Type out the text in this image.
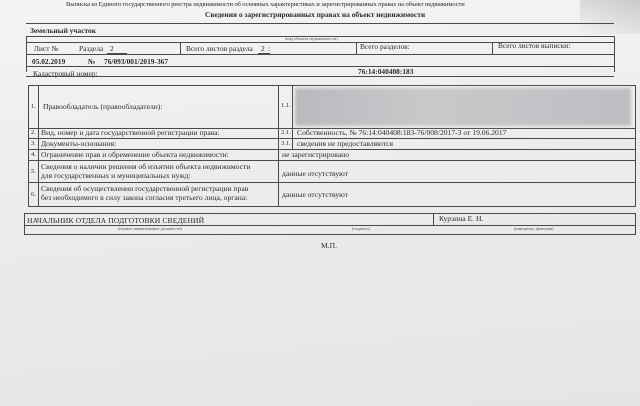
Выписка из Единого государственного реестра недвижимости об основных характеристиках и зарегистрированных правах на объект недвижимости
Сведения о зарегистрированных правах на объект недвижимости
Земельный участок
(вид объекта недвижимости)
Лист №	Раздела 2	Всего листов раздела 2 :	Всего разделов:	Всего листов выписки:
05.02.2019	№ 76/093/001/2019-367
Кадастровый номер:	76:14:040408:183
1. Правообладатель (правообладатели):	1.1.
2. Вид, номер и дата государственной регистрации права:	2.1. Собственность, № 76:14:040408:183-76/008/2017-3 от 19.06.2017
3. Документы-основания:	3.1. сведения не предоставляются
4. Ограничение прав и обременение объекта недвижимости:	не зарегистрировано
5.
Сведения о наличии решения об изъятии объекта недвижимости
для государственных и муниципальных нужд:	данные отсутствуют
6.
Сведения об осуществлении государственной регистрации прав
без необходимого в силу закона согласия третьего лица, органа:	данные отсутствуют
НАЧАЛЬНИК ОТДЕЛА ПОДГОТОВКИ СВЕДЕНИЙ	Курзина Е. Н.
(полное наименование должности)	(подпись)	(инициалы, фамилия)
М.П.
